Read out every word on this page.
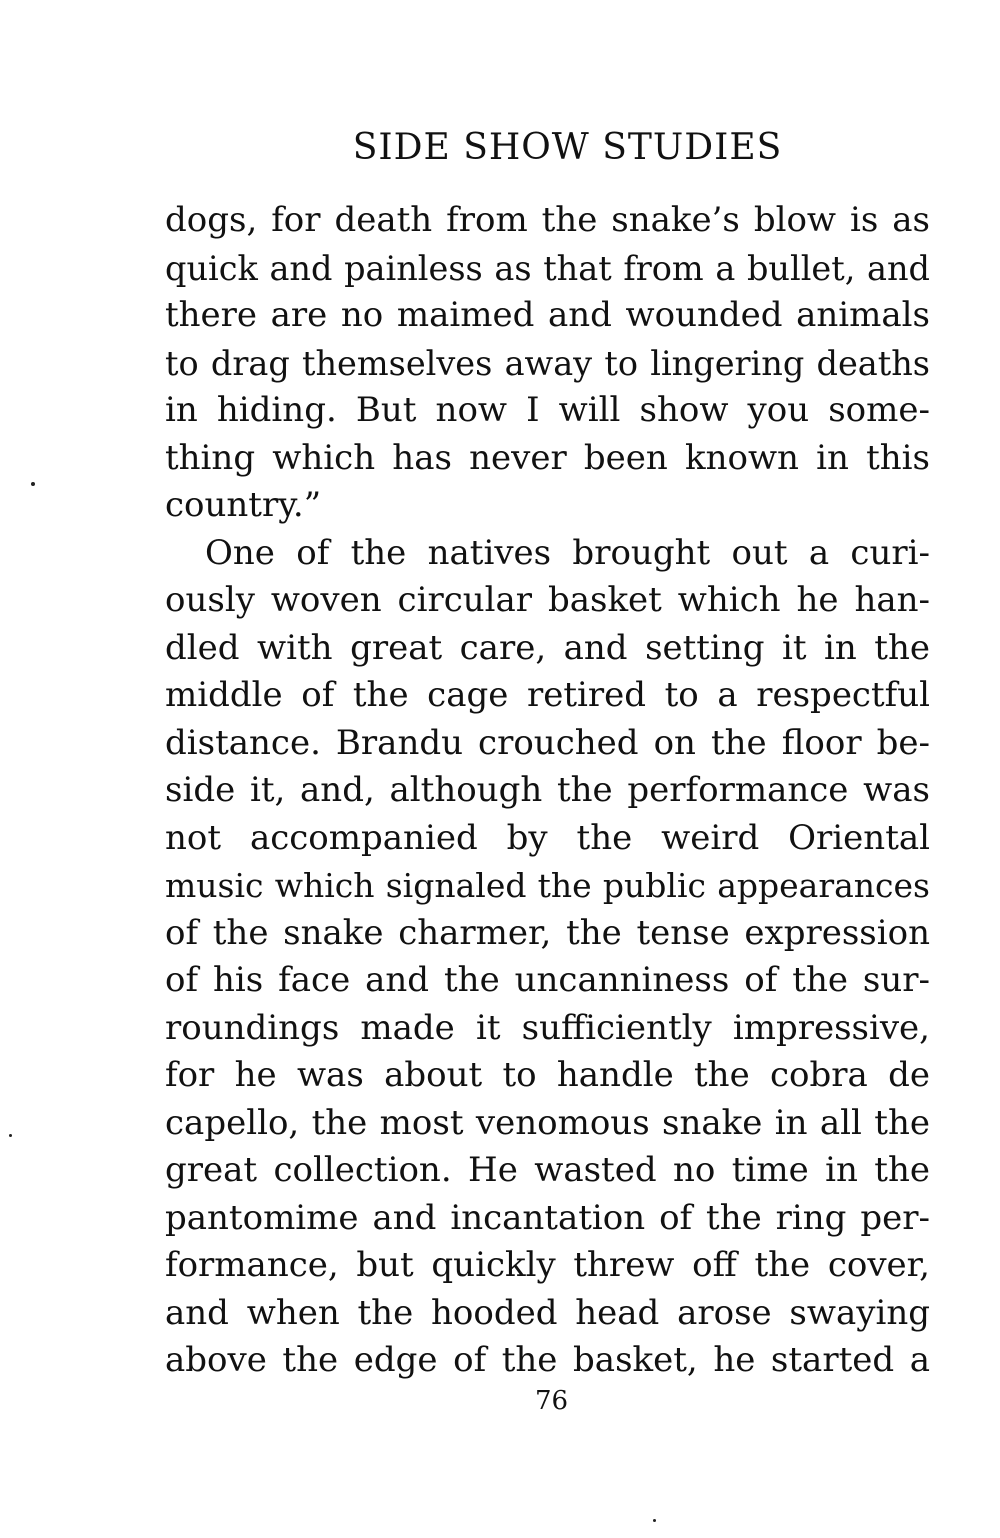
SIDE SHOW STUDIES
dogs, for death from the snake’s blow is as
quick and painless as that from a bullet, and
there are no maimed and wounded animals
to drag themselves away to lingering deaths
in hiding. But now I will show you some-
thing which has never been known in this
country.”
One of the natives brought out a curi-
ously woven circular basket which he han-
dled with great care, and setting it in the
middle of the cage retired to a respectful
distance. Brandu crouched on the floor be-
side it, and, although the performance was
not accompanied by the weird Oriental
music which signaled the public appearances
of the snake charmer, the tense expression
of his face and the uncanniness of the sur-
roundings made it sufficiently impressive,
for he was about to handle the cobra de
capello, the most venomous snake in all the
great collection. He wasted no time in the
pantomime and incantation of the ring per-
formance, but quickly threw off the cover,
and when the hooded head arose swaying
above the edge of the basket, he started a
76
